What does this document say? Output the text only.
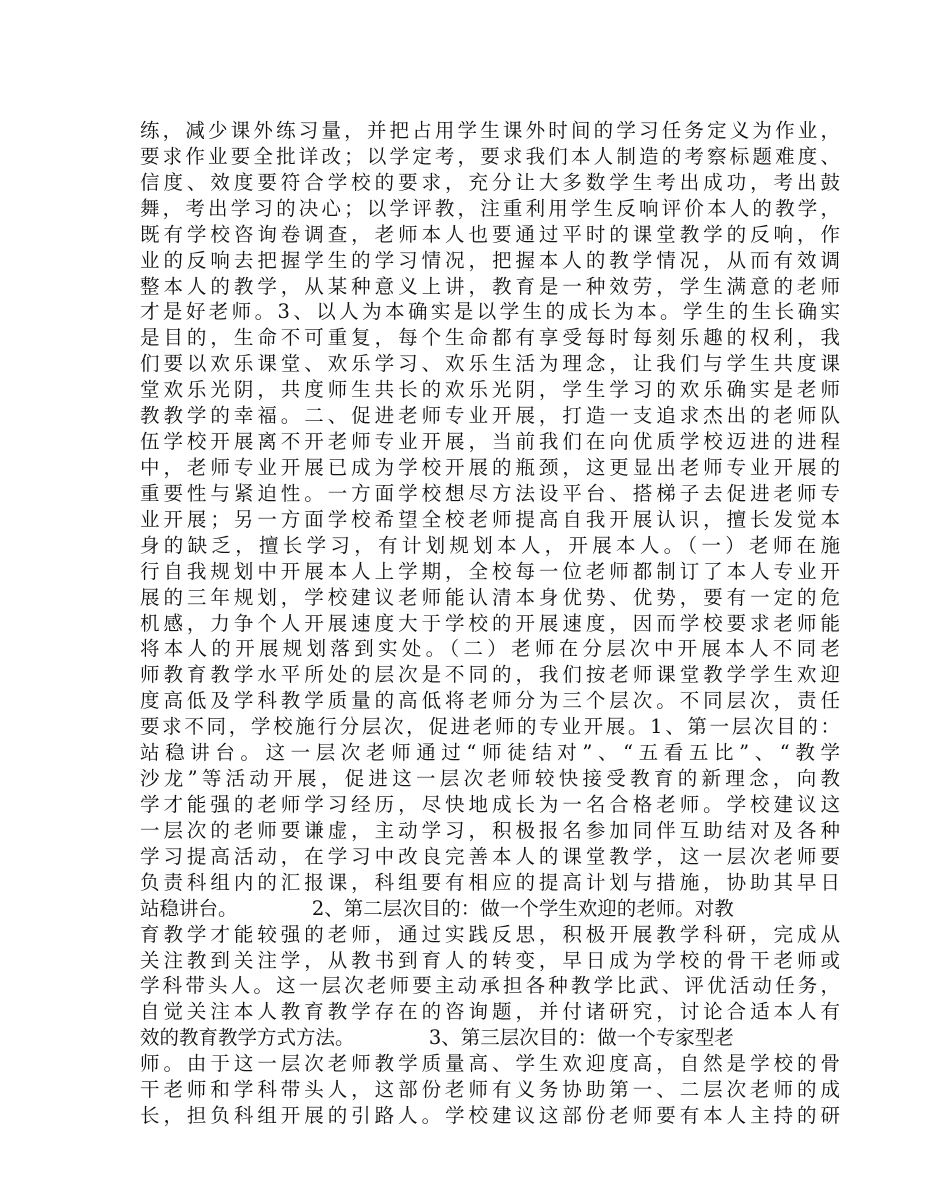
练，减少课外练习量，并把占用学生课外时间的学习任务定义为作业，
要求作业要全批详改；以学定考，要求我们本人制造的考察标题难度、
信度、效度要符合学校的要求，充分让大多数学生考出成功，考出鼓
舞，考出学习的决心；以学评教，注重利用学生反响评价本人的教学，
既有学校咨询卷调查，老师本人也要通过平时的课堂教学的反响，作
业的反响去把握学生的学习情况，把握本人的教学情况，从而有效调
整本人的教学，从某种意义上讲，教育是一种效劳，学生满意的老师
才是好老师。3、以人为本确实是以学生的成长为本。学生的生长确实
是目的，生命不可重复，每个生命都有享受每时每刻乐趣的权利，我
们要以欢乐课堂、欢乐学习、欢乐生活为理念，让我们与学生共度课
堂欢乐光阴，共度师生共长的欢乐光阴，学生学习的欢乐确实是老师
教教学的幸福。二、促进老师专业开展，打造一支追求杰出的老师队
伍学校开展离不开老师专业开展，当前我们在向优质学校迈进的进程
中，老师专业开展已成为学校开展的瓶颈，这更显出老师专业开展的
重要性与紧迫性。一方面学校想尽方法设平台、搭梯子去促进老师专
业开展；另一方面学校希望全校老师提高自我开展认识，擅长发觉本
身的缺乏，擅长学习，有计划规划本人，开展本人。（一）老师在施
行自我规划中开展本人上学期，全校每一位老师都制订了本人专业开
展的三年规划，学校建议老师能认清本身优势、优势，要有一定的危
机感，力争个人开展速度大于学校的开展速度，因而学校要求老师能
将本人的开展规划落到实处。（二）老师在分层次中开展本人不同老
师教育教学水平所处的层次是不同的，我们按老师课堂教学学生欢迎
度高低及学科教学质量的高低将老师分为三个层次。不同层次，责任
要求不同，学校施行分层次，促进老师的专业开展。1、第一层次目的：
站稳讲台。这一层次老师通过“师徒结对”、“五看五比”、“教学
沙龙”等活动开展，促进这一层次老师较快接受教育的新理念，向教
学才能强的老师学习经历，尽快地成长为一名合格老师。学校建议这
一层次的老师要谦虚，主动学习，积极报名参加同伴互助结对及各种
学习提高活动，在学习中改良完善本人的课堂教学，这一层次老师要
负责科组内的汇报课，科组要有相应的提高计划与措施，协助其早日
站稳讲台。            2、第二层次目的：做一个学生欢迎的老师。对教
育教学才能较强的老师，通过实践反思，积极开展教学科研，完成从
关注教到关注学，从教书到育人的转变，早日成为学校的骨干老师或
学科带头人。这一层次老师要主动承担各种教学比武、评优活动任务，
自觉关注本人教育教学存在的咨询题，并付诸研究，讨论合适本人有
效的教育教学方式方法。            3、第三层次目的：做一个专家型老
师。由于这一层次老师教学质量高、学生欢迎度高，自然是学校的骨
干老师和学科带头人，这部份老师有义务协助第一、二层次老师的成
长，担负科组开展的引路人。学校建议这部份老师要有本人主持的研
